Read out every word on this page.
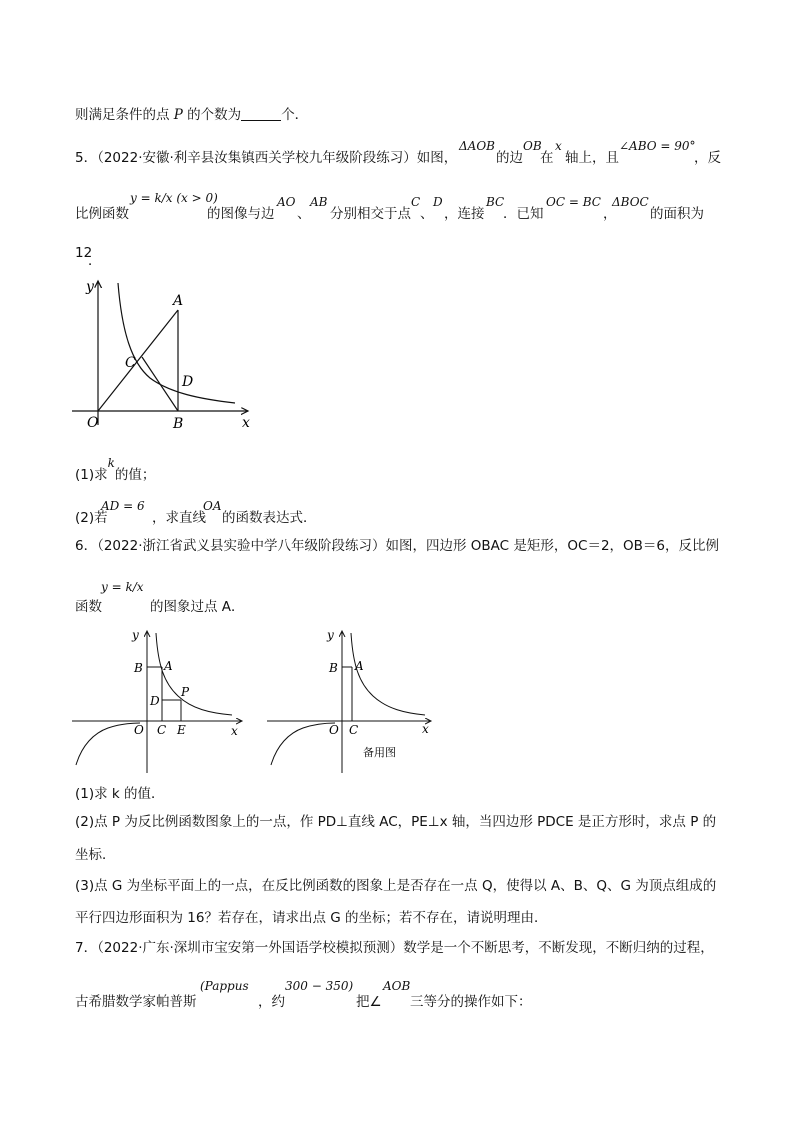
则满足条件的点 P 的个数为	个．
5．（2022·安徽·利辛县汝集镇西关学校九年级阶段练习）如图，
ΔAOB
的边
OB
在
x
轴上，且
∠ABO = 90°
，反
比例函数
y = k/x (x > 0)
的图像与边
AO
、
AB
分别相交于点
C
、
D
，连接
BC
．已知
OC = BC
，
ΔBOC
的面积为
12
．
y
x
O
A
B
C
D
(1)求k的值；
(2)若
AD = 6
，求直线
OA
的函数表达式．
6．（2022·浙江省武义县实验中学八年级阶段练习）如图，四边形 OBAC 是矩形，OC＝2，OB＝6，反比例
函数
y = k/x
的图象过点 A．
y
x
O
B A
D
P
C E
y
x
O
B A
C
备用图
(1)求 k 的值．
(2)点 P 为反比例函数图象上的一点，作 PD⊥直线 AC，PE⊥x 轴，当四边形 PDCE 是正方形时，求点 P 的
坐标．
(3)点 G 为坐标平面上的一点，在反比例函数的图象上是否存在一点 Q，使得以 A、B、Q、G 为顶点组成的
平行四边形面积为 16？若存在，请求出点 G 的坐标；若不存在，请说明理由．
7．（2022·广东·深圳市宝安第一外国语学校模拟预测）数学是一个不断思考，不断发现，不断归纳的过程，
古希腊数学家帕普斯
(Pappus
，约
300 − 350)
把∠
AOB
三等分的操作如下：
